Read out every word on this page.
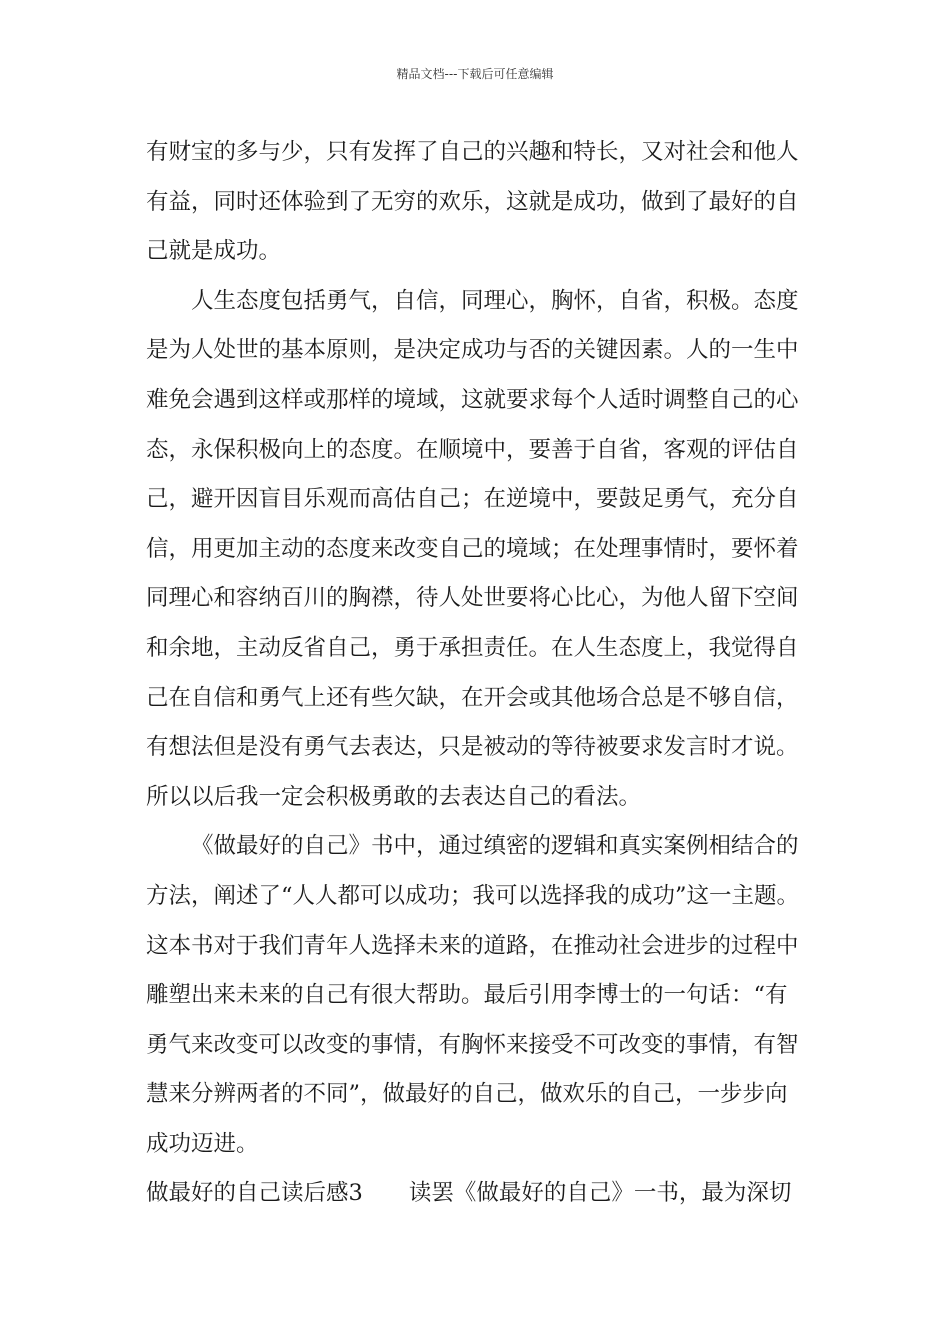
精品文档---下载后可任意编辑
有财宝的多与少，只有发挥了自己的兴趣和特长，又对社会和他人
有益，同时还体验到了无穷的欢乐，这就是成功，做到了最好的自
己就是成功。
人生态度包括勇气，自信，同理心，胸怀，自省，积极。态度
是为人处世的基本原则，是决定成功与否的关键因素。人的一生中
难免会遇到这样或那样的境域，这就要求每个人适时调整自己的心
态，永保积极向上的态度。在顺境中，要善于自省，客观的评估自
己，避开因盲目乐观而高估自己；在逆境中，要鼓足勇气，充分自
信，用更加主动的态度来改变自己的境域；在处理事情时，要怀着
同理心和容纳百川的胸襟，待人处世要将心比心，为他人留下空间
和余地，主动反省自己，勇于承担责任。在人生态度上，我觉得自
己在自信和勇气上还有些欠缺，在开会或其他场合总是不够自信，
有想法但是没有勇气去表达，只是被动的等待被要求发言时才说。
所以以后我一定会积极勇敢的去表达自己的看法。
《做最好的自己》书中，通过缜密的逻辑和真实案例相结合的
方法，阐述了“人人都可以成功；我可以选择我的成功”这一主题。
这本书对于我们青年人选择未来的道路，在推动社会进步的过程中
雕塑出来未来的自己有很大帮助。最后引用李博士的一句话：“有
勇气来改变可以改变的事情，有胸怀来接受不可改变的事情，有智
慧来分辨两者的不同”，做最好的自己，做欢乐的自己，一步步向
成功迈进。
做最好的自己读后感3 读罢《做最好的自己》一书，最为深切
